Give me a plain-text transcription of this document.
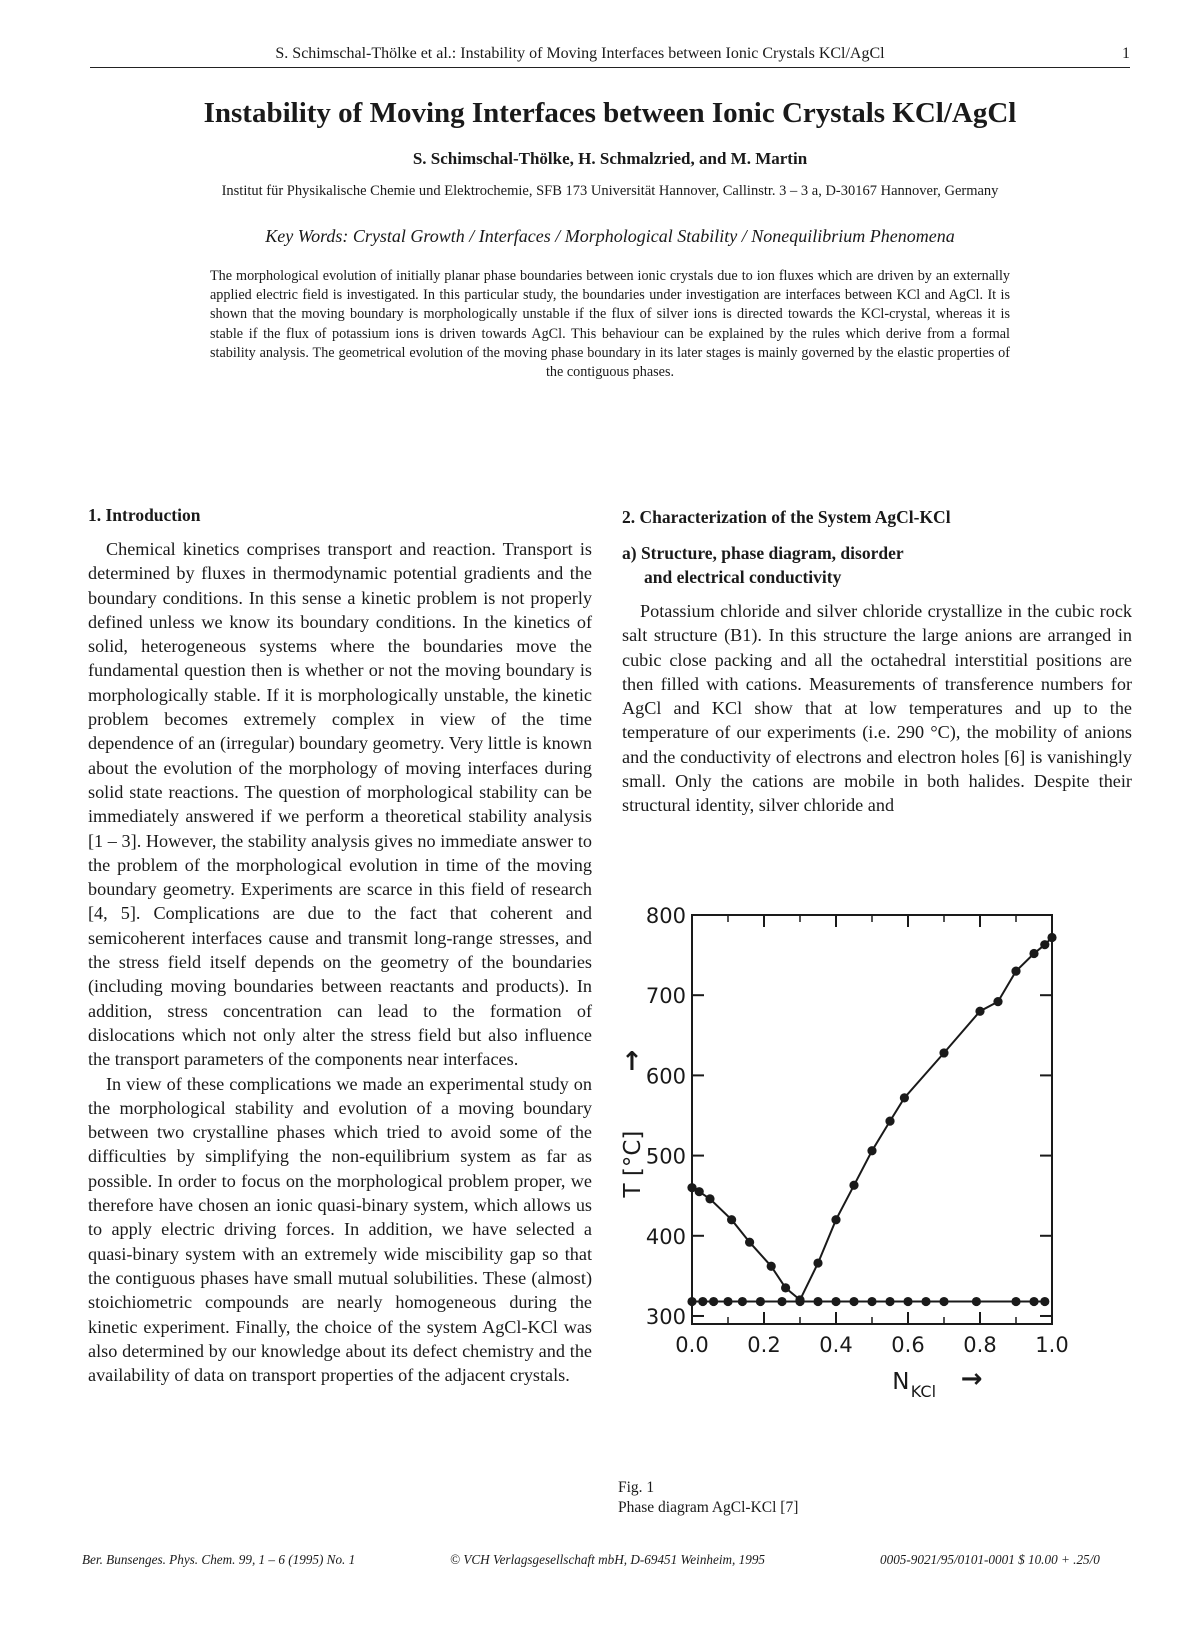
S. Schimschal-Thölke et al.: Instability of Moving Interfaces between Ionic Crystals KCl/AgCl	1
Instability of Moving Interfaces between Ionic Crystals KCl/AgCl
S. Schimschal-Thölke, H. Schmalzried, and M. Martin
Institut für Physikalische Chemie und Elektrochemie, SFB 173 Universität Hannover, Callinstr. 3 – 3 a, D-30167 Hannover, Germany
Key Words: Crystal Growth / Interfaces / Morphological Stability / Nonequilibrium Phenomena
The morphological evolution of initially planar phase boundaries between ionic crystals due to ion fluxes which are driven by an externally applied electric field is investigated. In this particular study, the boundaries under investigation are interfaces between KCl and AgCl. It is shown that the moving boundary is morphologically unstable if the flux of silver ions is directed towards the KCl-crystal, whereas it is stable if the flux of potassium ions is driven towards AgCl. This behaviour can be explained by the rules which derive from a formal stability analysis. The geometrical evolution of the moving phase boundary in its later stages is mainly governed by the elastic properties of the contiguous phases.
1. Introduction

Chemical kinetics comprises transport and reaction. Transport is determined by fluxes in thermodynamic potential gradients and the boundary conditions. In this sense a kinetic problem is not properly defined unless we know its boundary conditions. In the kinetics of solid, heterogeneous systems where the boundaries move the fundamental question then is whether or not the moving boundary is morphologically stable. If it is morphologically unstable, the kinetic problem becomes extremely complex in view of the time dependence of an (irregular) boundary geometry. Very little is known about the evolution of the morphology of moving interfaces during solid state reactions. The question of morphological stability can be immediately answered if we perform a theoretical stability analysis [1 – 3]. However, the stability analysis gives no immediate answer to the problem of the morphological evolution in time of the moving boundary geometry. Experiments are scarce in this field of research [4, 5]. Complications are due to the fact that coherent and semicoherent interfaces cause and transmit long-range stresses, and the stress field itself depends on the geometry of the boundaries (including moving boundaries between reactants and products). In addition, stress concentration can lead to the formation of dislocations which not only alter the stress field but also influence the transport parameters of the components near interfaces.

In view of these complications we made an experimental study on the morphological stability and evolution of a moving boundary between two crystalline phases which tried to avoid some of the difficulties by simplifying the non-equilibrium system as far as possible. In order to focus on the morphological problem proper, we therefore have chosen an ionic quasi-binary system, which allows us to apply electric driving forces. In addition, we have selected a quasi-binary system with an extremely wide miscibility gap so that the contiguous phases have small mutual solubilities. These (almost) stoichiometric compounds are nearly homogeneous during the kinetic experiment. Finally, the choice of the system AgCl-KCl was also determined by our knowledge about its defect chemistry and the availability of data on transport properties of the adjacent crystals.

2. Characterization of the System AgCl-KCl
a) Structure, phase diagram, disorder
and electrical conductivity

Potassium chloride and silver chloride crystallize in the cubic rock salt structure (B1). In this structure the large anions are arranged in cubic close packing and all the octahedral interstitial positions are then filled with cations. Measurements of transference numbers for AgCl and KCl show that at low temperatures and up to the temperature of our experiments (i.e. 290 °C), the mobility of anions and the conductivity of electrons and electron holes [6] is vanishingly small. Only the cations are mobile in both halides. Despite their structural identity, silver chloride and

0.0 0.2 0.4 0.6 0.8 1.0
300
400
500
600
700
800
T [°C]
→
N KCl →
Fig. 1
Phase diagram AgCl-KCl [7]
Ber. Bunsenges. Phys. Chem. 99, 1 – 6 (1995) No. 1	© VCH Verlagsgesellschaft mbH, D-69451 Weinheim, 1995	0005-9021/95/0101-0001 $ 10.00 + .25/0
